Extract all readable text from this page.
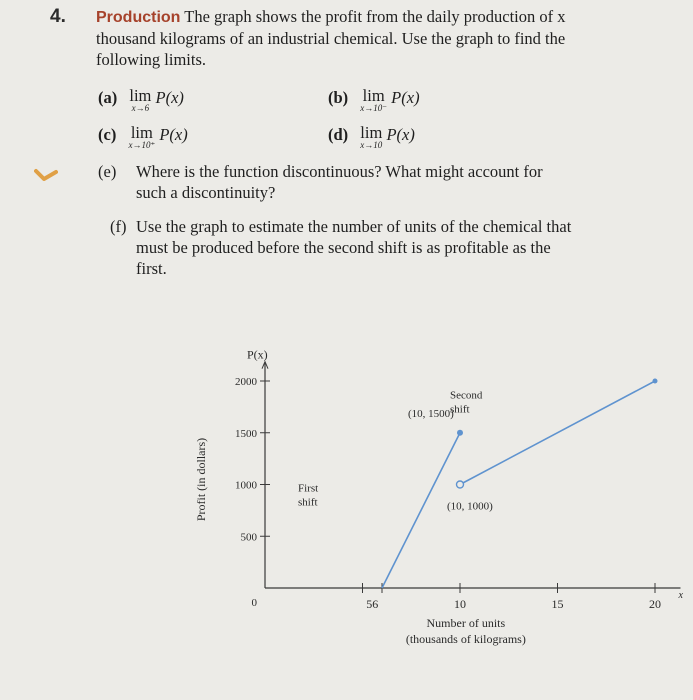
4. Production The graph shows the profit from the daily production of x thousand kilograms of an industrial chemical. Use the graph to find the following limits.
(a) lim
x→6
P(x)	(b) lim
x→10⁻
P(x)
(c) lim
x→10⁺
P(x)	(d) lim
x→10
P(x)
(e) Where is the function discontinuous? What might account for such a discontinuity?
(f) Use the graph to estimate the number of units of the chemical that must be produced before the second shift is as profitable as the first.
500
1000
1500
2000
10	15	20
56
0
P(x)
x
Profit (in dollars)
Number of units
(thousands of kilograms)
(10, 1500)
(10, 1000)
First
shift
Second
shift
